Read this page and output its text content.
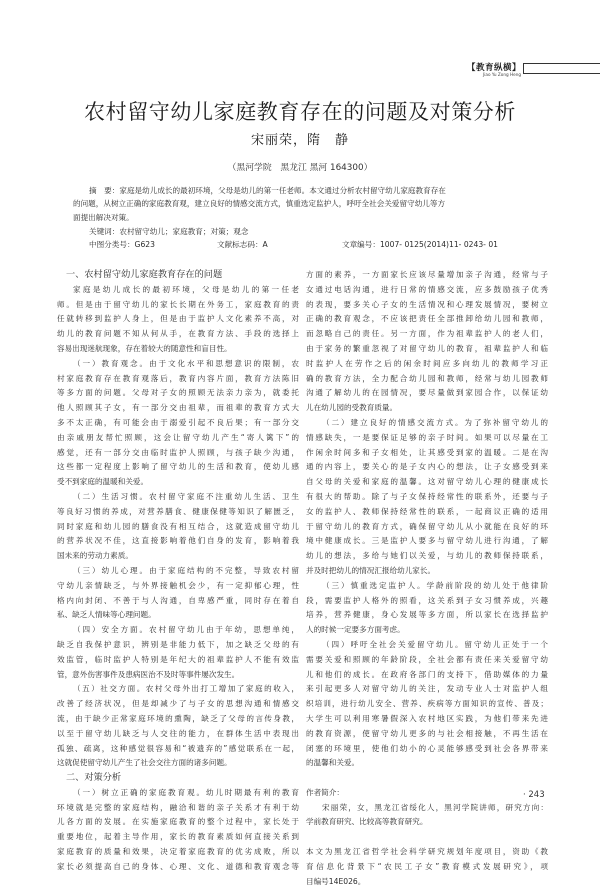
【教育纵横】
Jiao Yu Zong Heng
农村留守幼儿家庭教育存在的问题及对策分析
宋丽荣，隋　静
（黑河学院　黑龙江 黑河 164300）
摘　要：家庭是幼儿成长的最初环境，父母是幼儿的第一任老师。本文通过分析农村留守幼儿家庭教育存在
的问题，从树立正确的家庭教育观，建立良好的情感交流方式，慎重选定监护人，呼吁全社会关爱留守幼儿等方
面提出解决对策。
关键词：农村留守幼儿；家庭教育；对策；观念
中图分类号：G623	文献标志码：A	文章编号：1007- 0125(2014)11- 0243- 01
一、农村留守幼儿家庭教育存在的问题
家庭是幼儿成长的最初环境，父母是幼儿的第一任老
师。但是由于留守幼儿的家长长期在外务工，家庭教育的责
任就转移到监护人身上，但是由于监护人文化素养不高，对
幼儿的教育问题不知从何从手，在教育方法、手段的选择上
容易出现迷航现象，存在着较大的随意性和盲目性。
（一）教育观念。由于文化水平和思想意识的限制，农
村家庭教育存在教育观落后，教育内容片面，教育方法陈旧
等多方面的问题。父母对子女的照顾无法亲力亲为，就委托
他人照顾其子女，有一部分交由祖辈，而祖辈的教育方式大
多不太正确，有可能会由于溺爱引起不良后果；有一部分交
由亲戚朋友帮忙照顾，这会让留守幼儿产生“寄人篱下”的
感觉，还有一部分交由临时监护人照顾，与孩子缺少沟通，
这些都一定程度上影响了留守幼儿的生活和教育，使幼儿感
受不到家庭的温暖和关爱。
（二）生活习惯。农村留守家庭不注重幼儿生活、卫生
等良好习惯的养成，对营养膳食、健康保健等知识了解匮乏，
同时家庭和幼儿园的膳食没有相互结合，这就造成留守幼儿
的营养状况不佳，这直接影响着他们自身的发育，影响着我
国未来的劳动力素质。
（三）幼儿心理。由于家庭结构的不完整，导致农村留
守幼儿亲情缺乏，与外界接触机会少，有一定抑郁心理，性
格内向封闭、不善于与人沟通，自卑感严重，同时存在着自
私、缺乏人情味等心理问题。
（四）安全方面。农村留守幼儿由于年幼，思想单纯，
缺乏自我保护意识，辨别是非能力低下，加之缺乏父母的有
效监管，临时监护人特别是年纪大的祖辈监护人不能有效监
管，意外伤害事件及患病医治不及时等事件屡次发生。
（五）社交方面。农村父母外出打工增加了家庭的收入，
改善了经济状况，但是却减少了与子女的思想沟通和情感交
流，由于缺少正常家庭环境的熏陶，缺乏了父母的言传身教，
以至于留守幼儿缺乏与人交往的能力，在群体生活中表现出
孤独、疏离，这种感觉很容易和“被遗弃的”感觉联系在一起，
这就促使留守幼儿产生了社会交往方面的诸多问题。
二、对策分析
（一）树立正确的家庭教育观。幼儿时期最有利的教育
环境就是完整的家庭结构，融洽和谐的亲子关系才有利于幼
儿各方面的发展。在实施家庭教育的整个过程中，家长处于
重要地位，起着主导作用，家长的教育素质如何直接关系到
家庭教育的质量和效果，决定着家庭教育的优劣成败，所以
家长必须提高自己的身体、心理、文化、道德和教育观念等
方面的素养，一方面家长应该尽量增加亲子沟通，经常与子
女通过电话沟通，进行日常的情感交流，应多鼓励孩子优秀
的表现，要多关心子女的生活情况和心理发展情况，要树立
正确的教育观念，不应该把责任全部推卸给幼儿园和教师，
而忽略自己的责任。另一方面，作为祖辈监护人的老人们，
由于家务的繁重忽视了对留守幼儿的教育，祖辈监护人和临
时监护人在劳作之后的闲余时间应多向幼儿的教师学习正
确的教育方法，全力配合幼儿园和教师，经常与幼儿园教师
沟通了解幼儿的在园情况，要尽量做到家园合作，以保证幼
儿在幼儿园的受教育质量。
（二）建立良好的情感交流方式。为了弥补留守幼儿的
情感缺失，一是要保证足够的亲子时间。如果可以尽量在工
作闲余时间多和子女相处，让其感受到家的温暖。二是在沟
通的内容上，要关心的是子女内心的想法，让子女感受到来
自父母的关爱和家庭的温馨。这对留守幼儿心理的健康成长
有很大的帮助。除了与子女保持经常性的联系外，还要与子
女的监护人、教师保持经常性的联系，一起商议正确的适用
于留守幼儿的教育方式，确保留守幼儿从小就能在良好的环
境中健康成长。三是监护人要多与留守幼儿进行沟通，了解
幼儿的想法，多给与她们以关爱，与幼儿的教师保持联系，
并及时把幼儿的情况汇报给幼儿家长。
（三）慎重选定监护人。学龄前阶段的幼儿处于他律阶
段，需要监护人格外的照看，这关系到子女习惯养成，兴趣
培养，营养健康，身心发展等多方面，所以家长在选择监护
人的时候一定要多方面考虑。
（四）呼吁全社会关爱留守幼儿。留守幼儿正处于一个
需要关爱和照顾的年龄阶段，全社会都有责任来关爱留守幼
儿和他们的成长。在政府各部门的支持下，借助媒体的力量
来引起更多人对留守幼儿的关注，发动专业人士对监护人组
织培训，进行幼儿安全、营养、疾病等方面知识的宣传、普及；
大学生可以利用寒暑假深入农村地区实践，为他们带来先进
的教育资源，使留守幼儿更多的与社会相接触，不再生活在
闭塞的环境里，使他们幼小的心灵能够感受到社会各界带来
的温馨和关爱。
作者简介：
宋丽荣，女，黑龙江省绥化人，黑河学院讲师，研究方向：
学前教育研究、比较高等教育研究。
本文为黑龙江省哲学社会科学研究规划年度项目，资助《教
育信息化背景下“农民工子女”教育模式发展研究》，项
目编号14E026。
· 243
